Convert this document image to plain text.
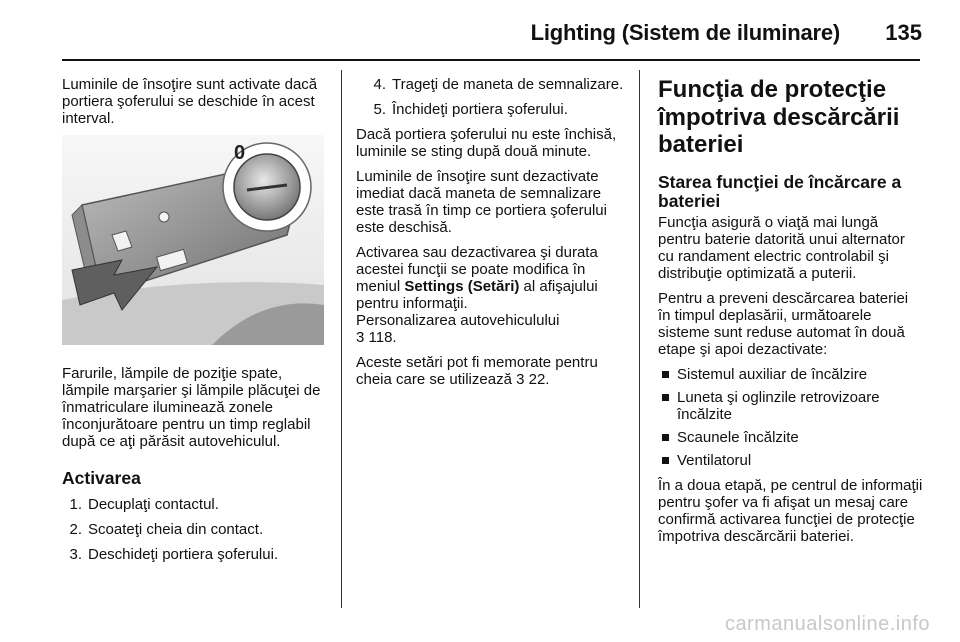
Lighting (Sistem de iluminare) 135

Luminile de însoţire sunt activate dacă portiera şoferului se deschide în acest interval.

0

Farurile, lămpile de poziţie spate, lămpile marşarier şi lămpile plăcuţei de înmatriculare iluminează zonele înconjurătoare pentru un timp reglabil după ce aţi părăsit autovehiculul.

Activarea
1. Decuplaţi contactul.
2. Scoateţi cheia din contact.
3. Deschideţi portiera şoferului.
4. Trageţi de maneta de semnalizare.
5. Închideţi portiera şoferului.

Dacă portiera şoferului nu este închisă, luminile se sting după două minute.

Luminile de însoţire sunt dezactivate imediat dacă maneta de semnalizare este trasă în timp ce portiera şoferului este deschisă.

Activarea sau dezactivarea şi durata acestei funcţii se poate modifica în meniul Settings (Setări) al afişajului pentru informaţii.
Personalizarea autovehiculului
3 118.

Aceste setări pot fi memorate pentru cheia care se utilizează 3 22.

Funcţia de protecţie împotriva descărcării bateriei
Starea funcţiei de încărcare a bateriei

Funcţia asigură o viaţă mai lungă pentru baterie datorită unui alternator cu randament electric controlabil şi distribuţie optimizată a puterii.

Pentru a preveni descărcarea bateriei în timpul deplasării, următoarele sisteme sunt reduse automat în două etape şi apoi dezactivate:

Sistemul auxiliar de încălzire
Luneta şi oglinzile retrovizoare încălzite
Scaunele încălzite
Ventilatorul

În a doua etapă, pe centrul de informaţii pentru şofer va fi afişat un mesaj care confirmă activarea funcţiei de protecţie împotriva descărcării bateriei.

carmanualsonline.info
